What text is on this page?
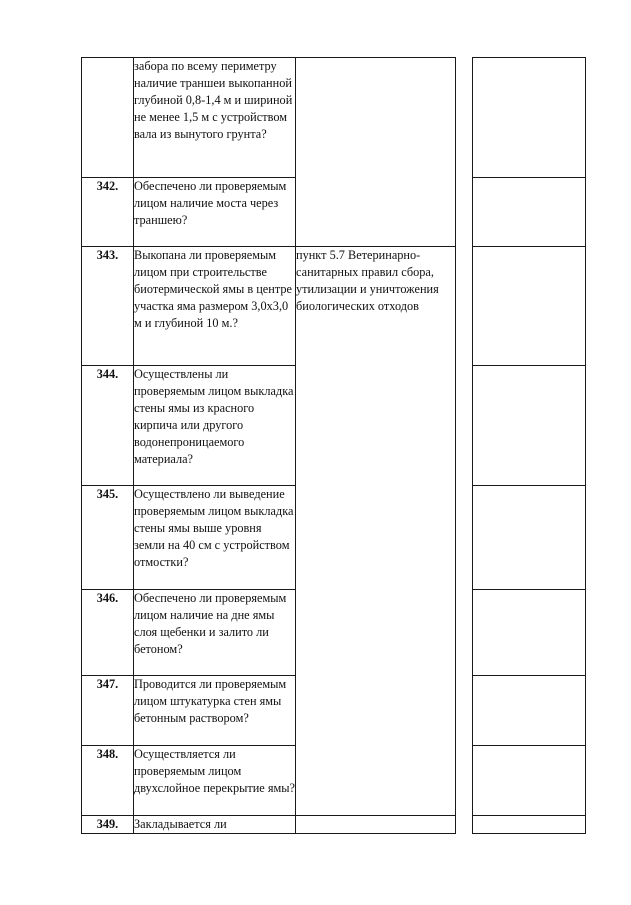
	забора по всему периметру наличие траншеи выкопанной глубиной 0,8-1,4 м и шириной не менее 1,5 м с устройством вала из вынутого грунта?			

342.	Обеспечено ли проверяемым лицом наличие моста через траншею?			

343.	Выкопана ли проверяемым лицом при строительстве биотермической ямы в центре участка яма размером 3,0х3,0 м и глубиной 10 м.?	пункт 5.7 Ветеринарно-санитарных правил сбора, утилизации и уничтожения биологических отходов		

344.	Осуществлены ли проверяемым лицом выкладка стены ямы из красного кирпича или другого водонепроницаемого материала?			

345.	Осуществлено ли выведение проверяемым лицом выкладка стены ямы выше уровня земли на 40 см с устройством отмостки?			

346.	Обеспечено ли проверяемым лицом наличие на дне ямы слоя щебенки и залито ли бетоном?			

347.	Проводится ли проверяемым лицом штукатурка стен ямы бетонным раствором?			

348.	Осуществляется ли проверяемым лицом двухслойное перекрытие ямы?			

349.	Закладывается ли			
